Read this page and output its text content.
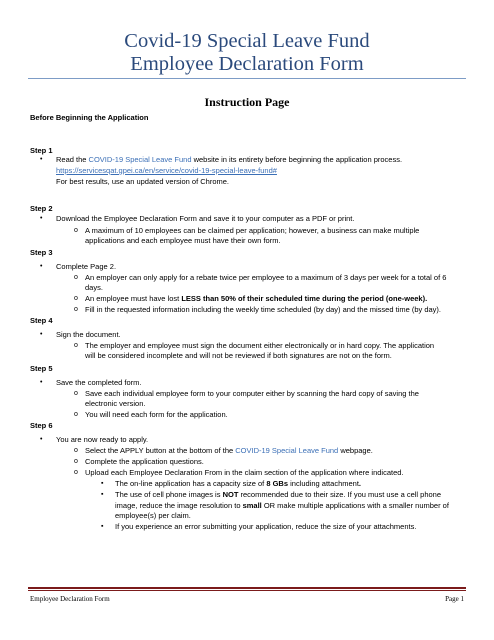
Covid-19 Special Leave Fund
Employee Declaration Form
Instruction Page
Before Beginning the Application
Step 1
• Read the COVID-19 Special Leave Fund website in its entirety before beginning the application process.
https://servicesqat.gpei.ca/en/service/covid-19-special-leave-fund#
For best results, use an updated version of Chrome.
Step 2
• Download the Employee Declaration Form and save it to your computer as a PDF or print.
o A maximum of 10 employees can be claimed per application; however, a business can make multiple
applications and each employee must have their own form.
Step 3
• Complete Page 2.
o An employer can only apply for a rebate twice per employee to a maximum of 3 days per week for a total of 6
days.
o An employee must have lost LESS than 50% of their scheduled time during the period (one-week).
o Fill in the requested information including the weekly time scheduled (by day) and the missed time (by day).
Step 4
• Sign the document.
o The employer and employee must sign the document either electronically or in hard copy. The application
will be considered incomplete and will not be reviewed if both signatures are not on the form.
Step 5
• Save the completed form.
o Save each individual employee form to your computer either by scanning the hard copy of saving the
electronic version.
o You will need each form for the application.
Step 6
• You are now ready to apply.
o Select the APPLY button at the bottom of the COVID-19 Special Leave Fund webpage.
o Complete the application questions.
o Upload each Employee Declaration From in the claim section of the application where indicated.
▪ The on-line application has a capacity size of 8 GBs including attachment.
▪ The use of cell phone images is NOT recommended due to their size. If you must use a cell phone
image, reduce the image resolution to small OR make multiple applications with a smaller number of
employee(s) per claim.
▪ If you experience an error submitting your application, reduce the size of your attachments.
Employee Declaration Form	Page 1
